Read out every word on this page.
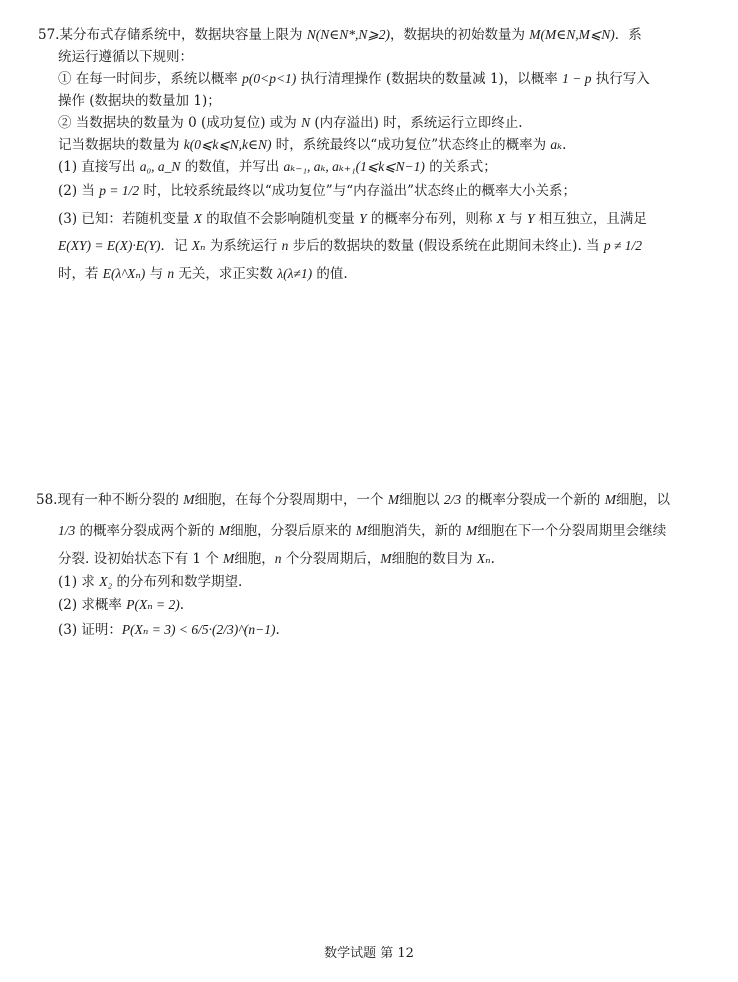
57.某分布式存储系统中，数据块容量上限为 N(N∈N*,N⩾2)，数据块的初始数量为 M(M∈N,M⩽N)．系
统运行遵循以下规则：
① 在每一时间步，系统以概率 p(0<p<1) 执行清理操作 (数据块的数量减 1)，以概率 1 − p 执行写入
操作 (数据块的数量加 1)；
② 当数据块的数量为 0 (成功复位) 或为 N (内存溢出) 时，系统运行立即终止.
记当数据块的数量为 k(0⩽k⩽N,k∈N) 时，系统最终以“成功复位”状态终止的概率为 aₖ.
(1) 直接写出 a₀, a_N 的数值，并写出 aₖ₋₁, aₖ, aₖ₊₁(1⩽k⩽N−1) 的关系式；
(2) 当 p = 1/2 时，比较系统最终以“成功复位”与“内存溢出”状态终止的概率大小关系；
(3) 已知：若随机变量 X 的取值不会影响随机变量 Y 的概率分布列，则称 X 与 Y 相互独立，且满足
E(XY) = E(X)·E(Y)．记 Xₙ 为系统运行 n 步后的数据块的数量 (假设系统在此期间未终止). 当 p ≠ 1/2
时，若 E(λ^Xₙ) 与 n 无关，求正实数 λ(λ≠1) 的值.
58.现有一种不断分裂的 M细胞，在每个分裂周期中，一个 M细胞以 2/3 的概率分裂成一个新的 M细胞，以
1/3 的概率分裂成两个新的 M细胞，分裂后原来的 M细胞消失，新的 M细胞在下一个分裂周期里会继续
分裂. 设初始状态下有 1 个 M细胞，n 个分裂周期后，M细胞的数目为 Xₙ.
(1) 求 X₂ 的分布列和数学期望.
(2) 求概率 P(Xₙ = 2).
(3) 证明：P(Xₙ = 3) < 6/5·(2/3)^(n−1).
数学试题 第 12
